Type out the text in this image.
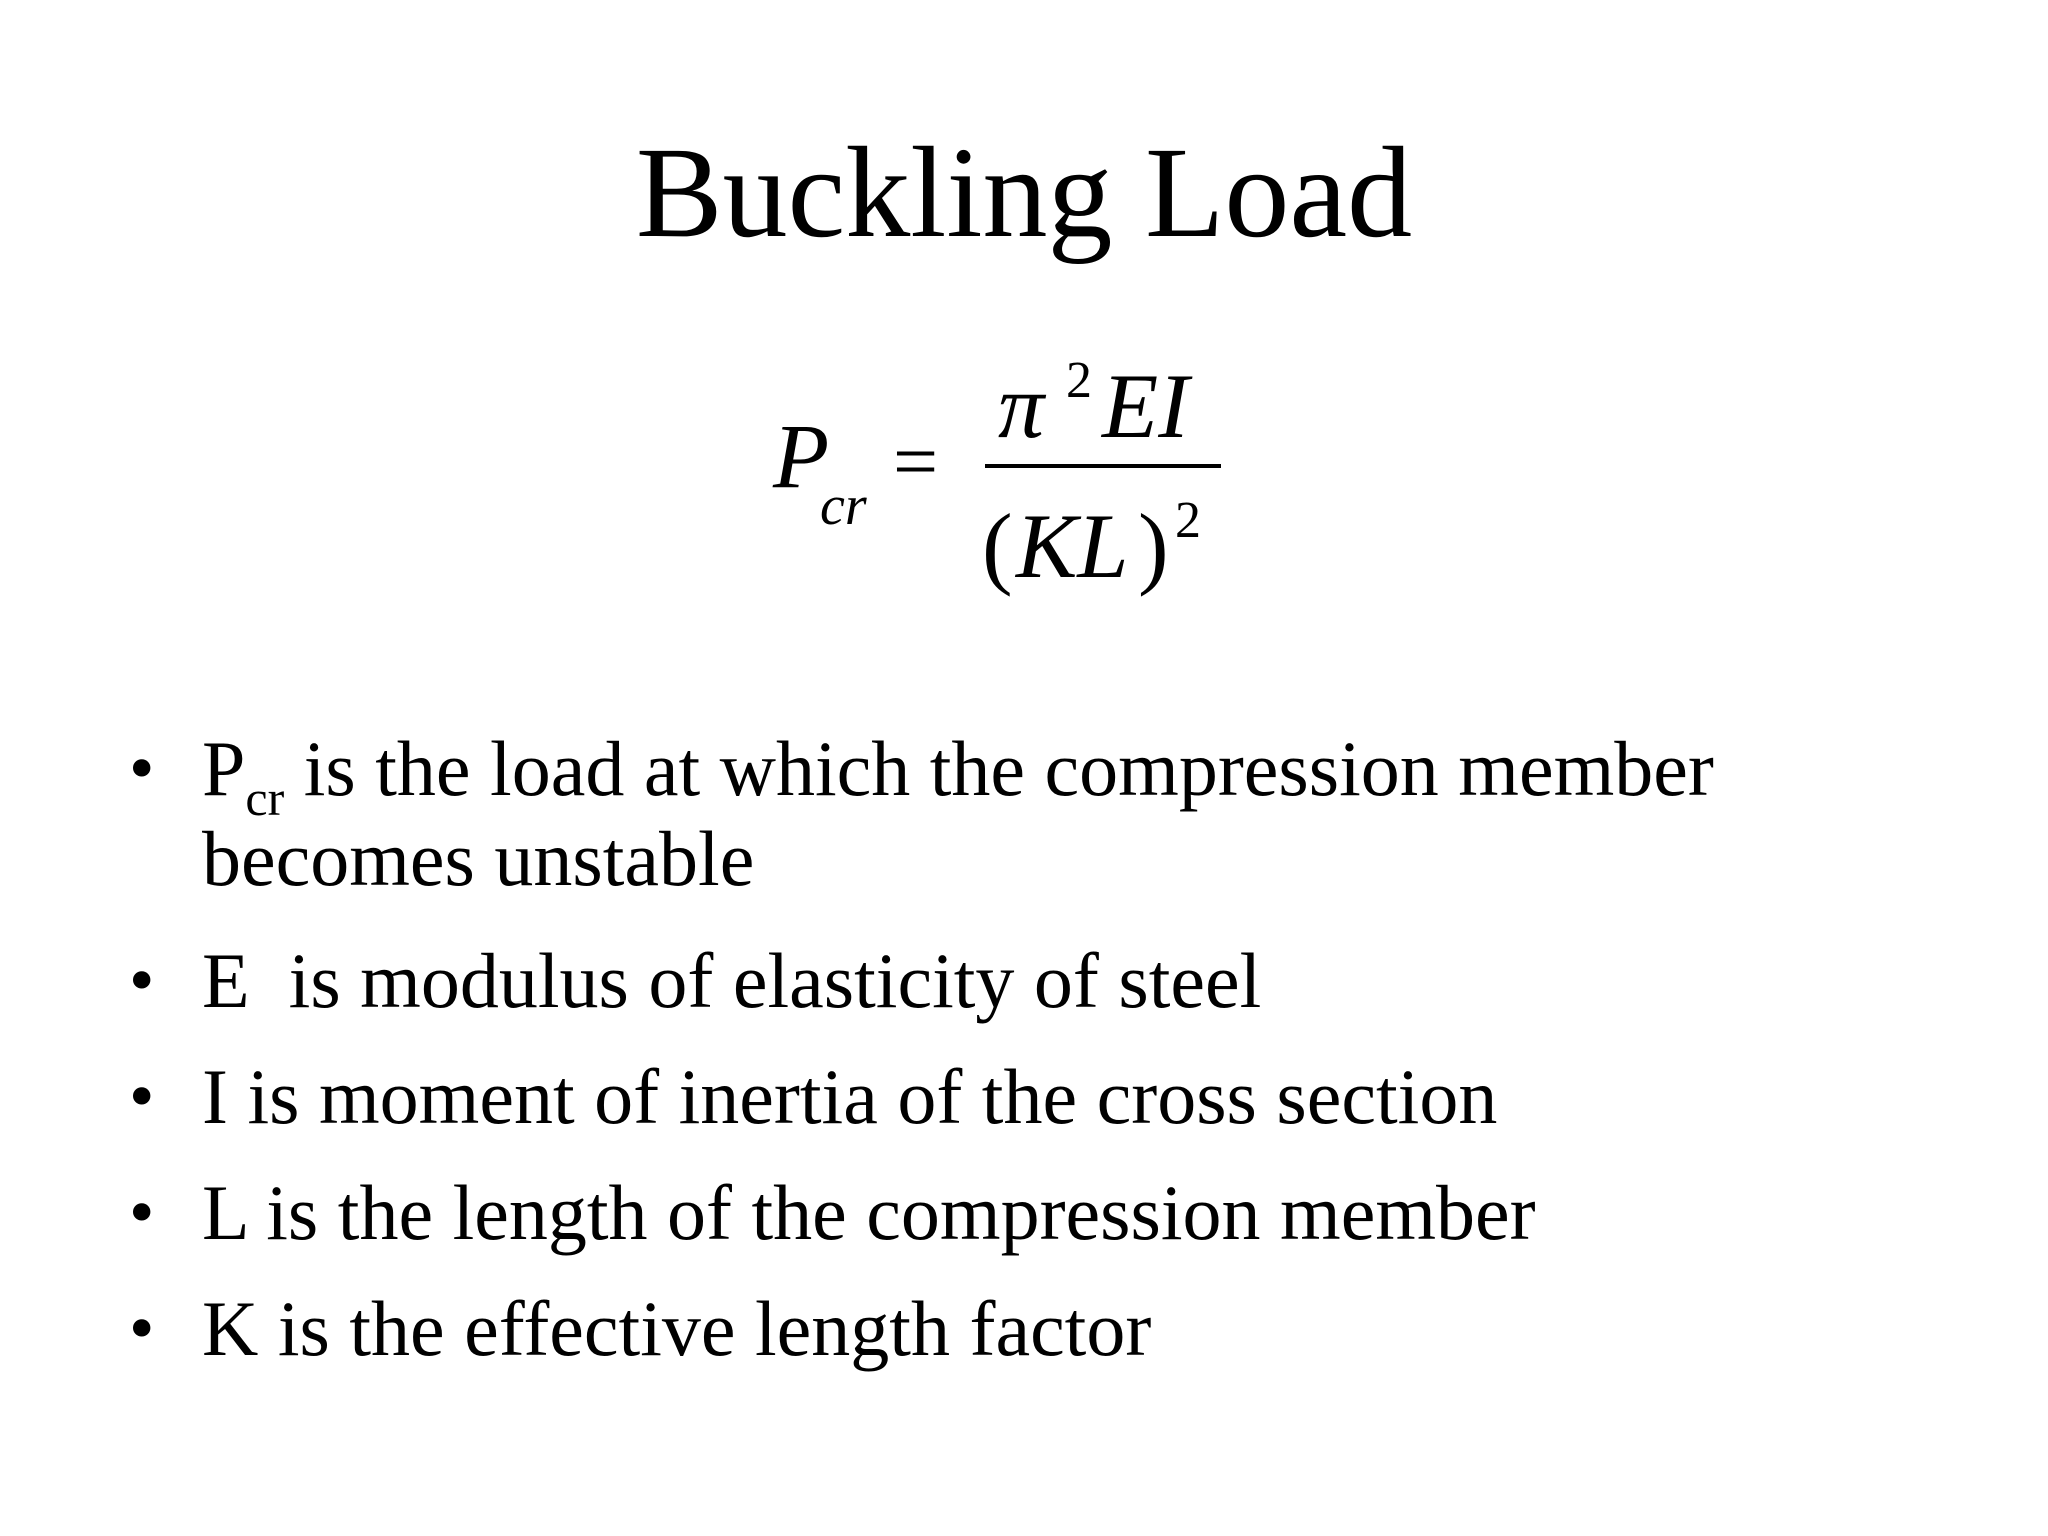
Buckling Load
P
cr =
π 2 EI
( KL ) 2
• $P_{cr}$ is the load at which the compression member
becomes unstable
• E  is modulus of elasticity of steel
• I is moment of inertia of the cross section
• L is the length of the compression member
• K is the effective length factor
